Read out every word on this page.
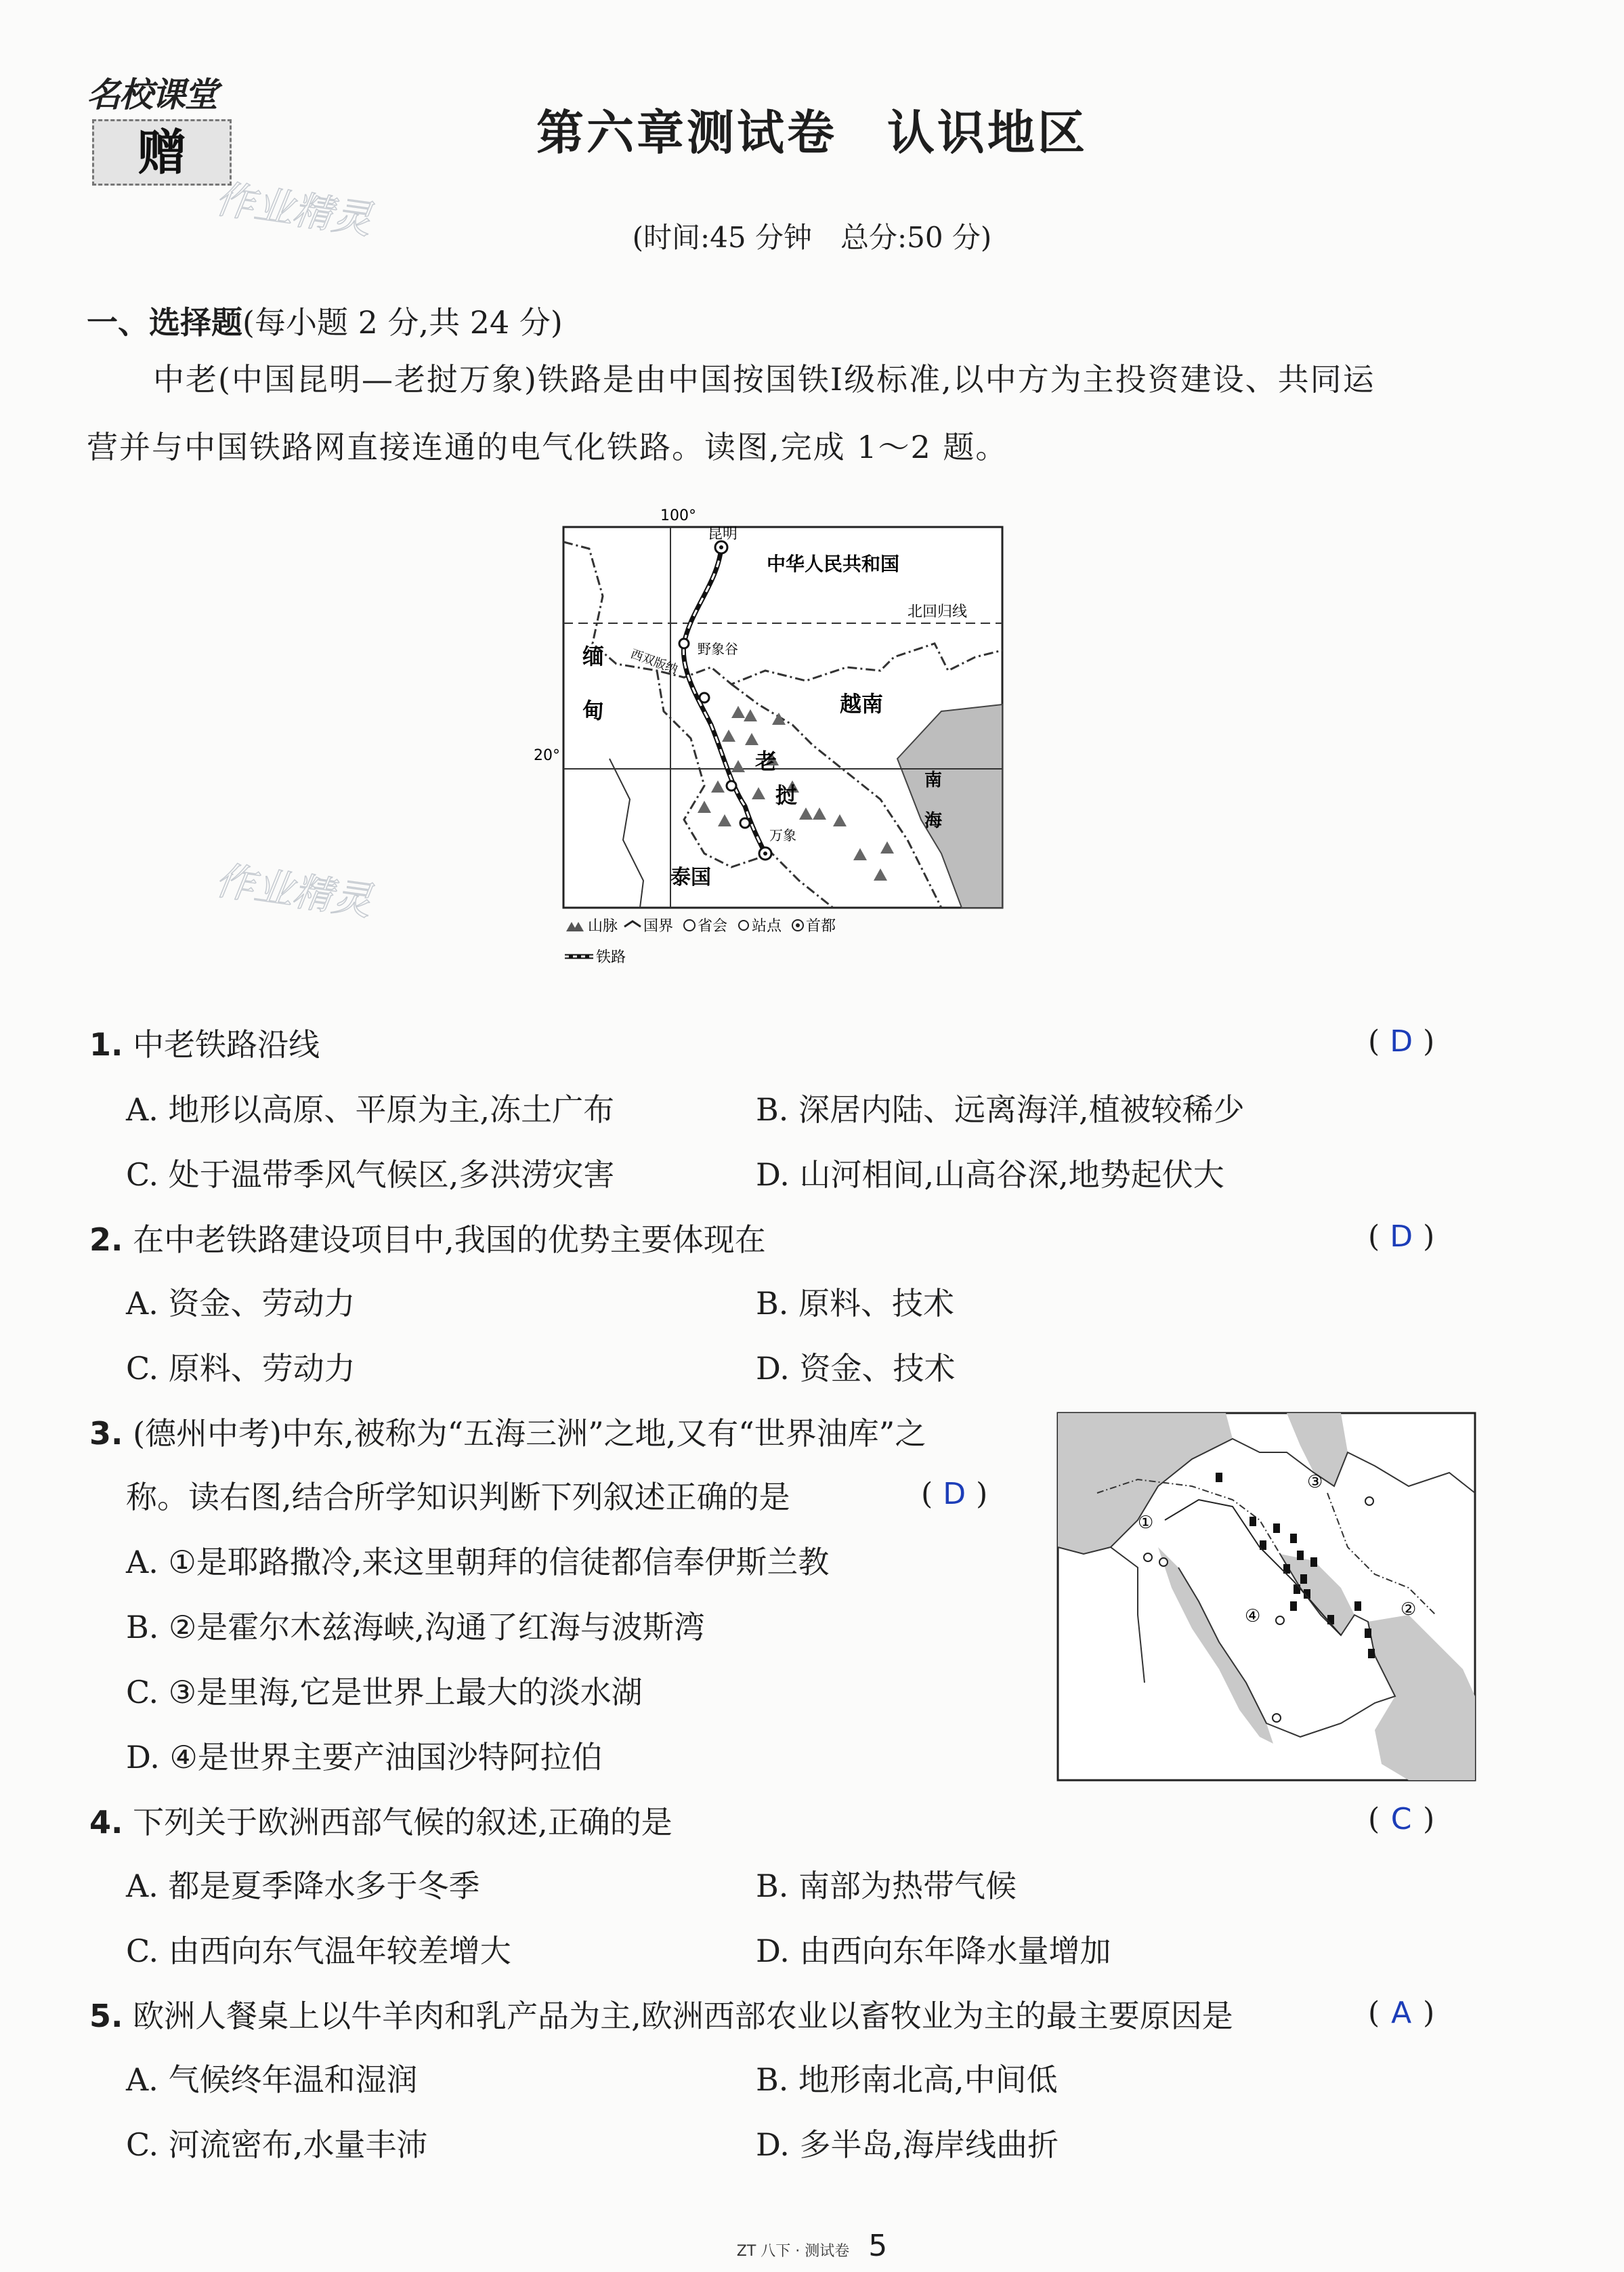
名校课堂
赠
作业精灵
作业精灵
第六章测试卷　认识地区
(时间:45 分钟　总分:50 分)
一、选择题(每小题 2 分,共 24 分)
中老(中国昆明—老挝万象)铁路是由中国按国铁Ⅰ级标准,以中方为主投资建设、共同运
营并与中国铁路网直接连通的电气化铁路。读图,完成 1～2 题。
100°
昆明
中华人民共和国
北回归线
野象谷
西双版纳
缅
甸	越南
老
挝
万象
南
海
泰国
20°
山脉 国界 省会 站点 首都
铁路
1. 中老铁路沿线	( D )
A. 地形以高原、平原为主,冻土广布	B. 深居内陆、远离海洋,植被较稀少
C. 处于温带季风气候区,多洪涝灾害	D. 山河相间,山高谷深,地势起伏大
2. 在中老铁路建设项目中,我国的优势主要体现在	( D )
A. 资金、劳动力	B. 原料、技术
C. 原料、劳动力	D. 资金、技术
3. (德州中考)中东,被称为“五海三洲”之地,又有“世界油库”之
称。读右图,结合所学知识判断下列叙述正确的是	( D )
A. ①是耶路撒冷,来这里朝拜的信徒都信奉伊斯兰教
B. ②是霍尔木兹海峡,沟通了红海与波斯湾
C. ③是里海,它是世界上最大的淡水湖
D. ④是世界主要产油国沙特阿拉伯
①
②
③
④
4. 下列关于欧洲西部气候的叙述,正确的是	( C )
A. 都是夏季降水多于冬季	B. 南部为热带气候
C. 由西向东气温年较差增大	D. 由西向东年降水量增加
5. 欧洲人餐桌上以牛羊肉和乳产品为主,欧洲西部农业以畜牧业为主的最主要原因是	( A )
A. 气候终年温和湿润	B. 地形南北高,中间低
C. 河流密布,水量丰沛	D. 多半岛,海岸线曲折
ZT 八下 · 测试卷 5
